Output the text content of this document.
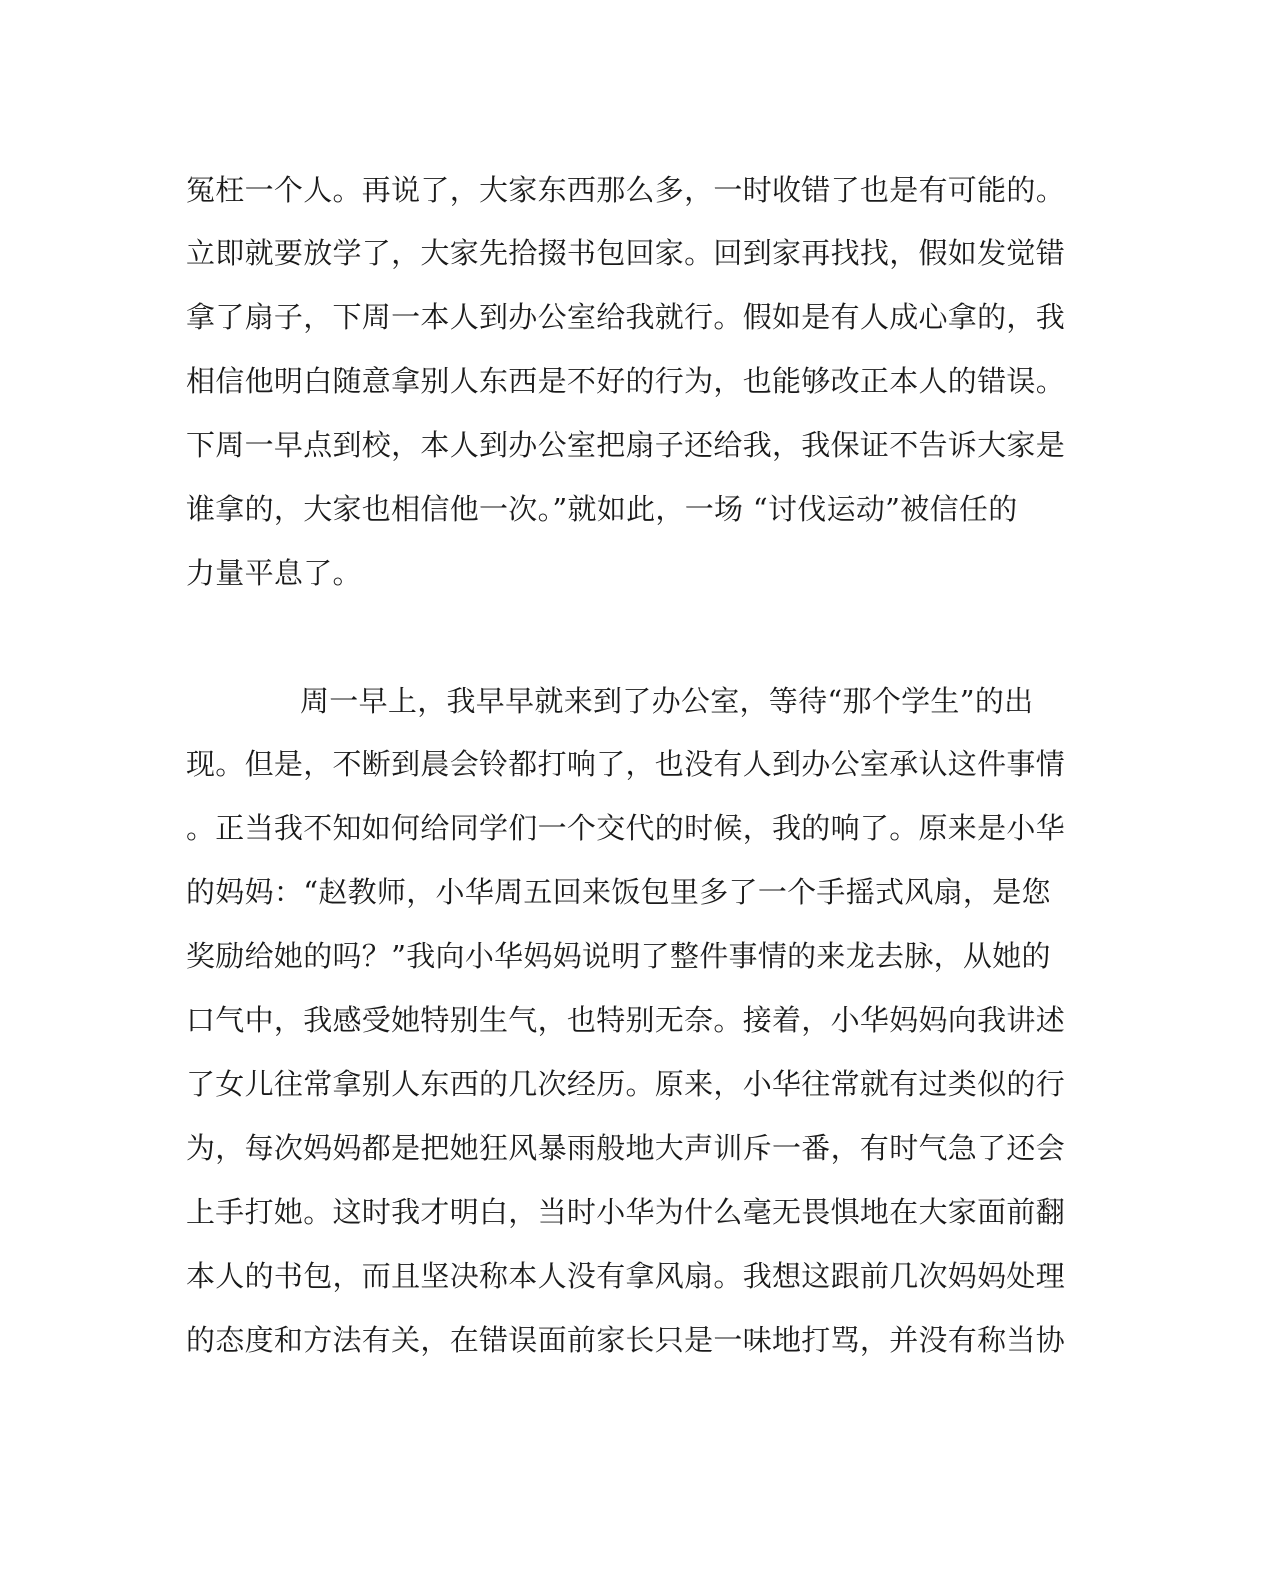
冤枉一个人。再说了，大家东西那么多，一时收错了也是有可能的。
立即就要放学了，大家先拾掇书包回家。回到家再找找，假如发觉错
拿了扇子，下周一本人到办公室给我就行。假如是有人成心拿的，我
相信他明白随意拿别人东西是不好的行为，也能够改正本人的错误。
下周一早点到校，本人到办公室把扇子还给我，我保证不告诉大家是
谁拿的，大家也相信他一次。”就如此，一场 “讨伐运动”被信任的
力量平息了。
周一早上，我早早就来到了办公室，等待“那个学生”的出
现。但是，不断到晨会铃都打响了，也没有人到办公室承认这件事情
。正当我不知如何给同学们一个交代的时候，我的响了。原来是小华
的妈妈：“赵教师，小华周五回来饭包里多了一个手摇式风扇，是您
奖励给她的吗？”我向小华妈妈说明了整件事情的来龙去脉，从她的
口气中，我感受她特别生气，也特别无奈。接着，小华妈妈向我讲述
了女儿往常拿别人东西的几次经历。原来，小华往常就有过类似的行
为，每次妈妈都是把她狂风暴雨般地大声训斥一番，有时气急了还会
上手打她。这时我才明白，当时小华为什么毫无畏惧地在大家面前翻
本人的书包，而且坚决称本人没有拿风扇。我想这跟前几次妈妈处理
的态度和方法有关，在错误面前家长只是一味地打骂，并没有称当协
